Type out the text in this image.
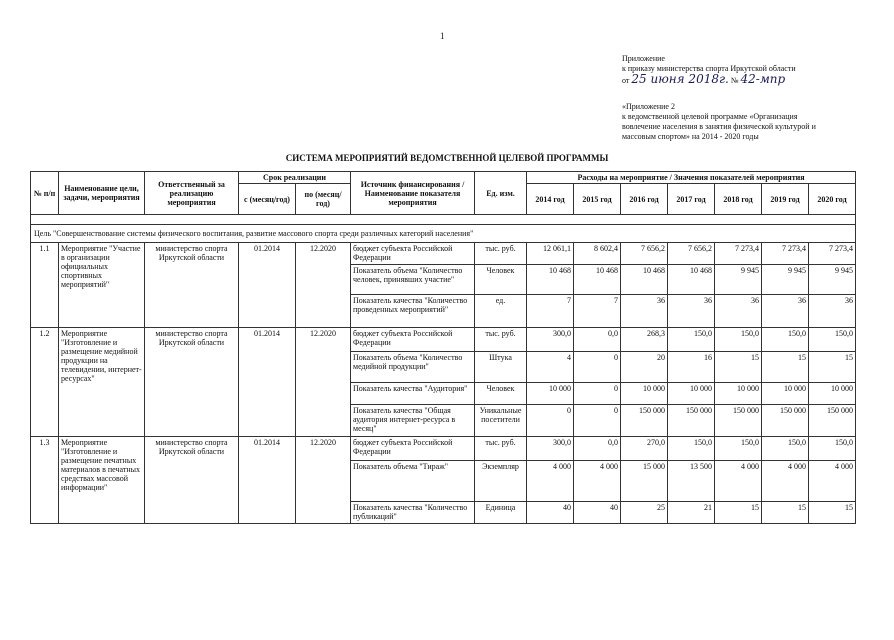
1
Приложение
к приказу министерства спорта Иркутской области
от 25 июня 2018г. № 42-мпр
«Приложение 2
к ведомственной целевой программе «Организация
вовлечение населения в занятия физической культурой и
массовым спортом» на 2014 - 2020 годы
СИСТЕМА МЕРОПРИЯТИЙ ВЕДОМСТВЕННОЙ ЦЕЛЕВОЙ ПРОГРАММЫ
№ п/п	Наименование цели, задачи, мероприятия	Ответственный за реализацию мероприятия	Срок реализации		Источник финансирования / Наименование показателя мероприятия	Ед. изм.	Расходы на мероприятие / Значения показателей мероприятия						
			с (месяц/год)	по (месяц/год)			2014 год	2015 год	2016 год	2017 год	2018 год	2019 год	2020 год

Цель "Совершенствование системы физического воспитания, развитие массового спорта среди различных категорий населения"													
1.1	Мероприятие "Участие в организации официальных спортивных мероприятий"	министерство спорта Иркутской области	01.2014	12.2020	бюджет субъекта Российской Федерации	тыс. руб.	12 061,1	8 602,4	7 656,2	7 656,2	7 273,4	7 273,4	7 273,4
					Показатель объема "Количество человек, принявших участие"	Человек	10 468	10 468	10 468	10 468	9 945	9 945	9 945
					Показатель качества "Количество проведенных мероприятий"	ед.	7	7	36	36	36	36	36
1.2	Мероприятие "Изготовление и размещение медийной продукции на телевидении, интернет-ресурсах"	министерство спорта Иркутской области	01.2014	12.2020	бюджет субъекта Российской Федерации	тыс. руб.	300,0	0,0	268,3	150,0	150,0	150,0	150,0
					Показатель объема "Количество медийной продукции"	Штука	4	0	20	16	15	15	15
					Показатель качества "Аудитория"	Человек	10 000	0	10 000	10 000	10 000	10 000	10 000
					Показатель качества "Общая аудитория интернет-ресурса в месяц"	Уникальные посетители	0	0	150 000	150 000	150 000	150 000	150 000
1.3	Мероприятие "Изготовление и размещение печатных материалов в печатных средствах массовой информации"	министерство спорта Иркутской области	01.2014	12.2020	бюджет субъекта Российской Федерации	тыс. руб.	300,0	0,0	270,0	150,0	150,0	150,0	150,0
					Показатель объема "Тираж"	Экземпляр	4 000	4 000	15 000	13 500	4 000	4 000	4 000
					Показатель качества "Количество публикаций"	Единица	40	40	25	21	15	15	15
